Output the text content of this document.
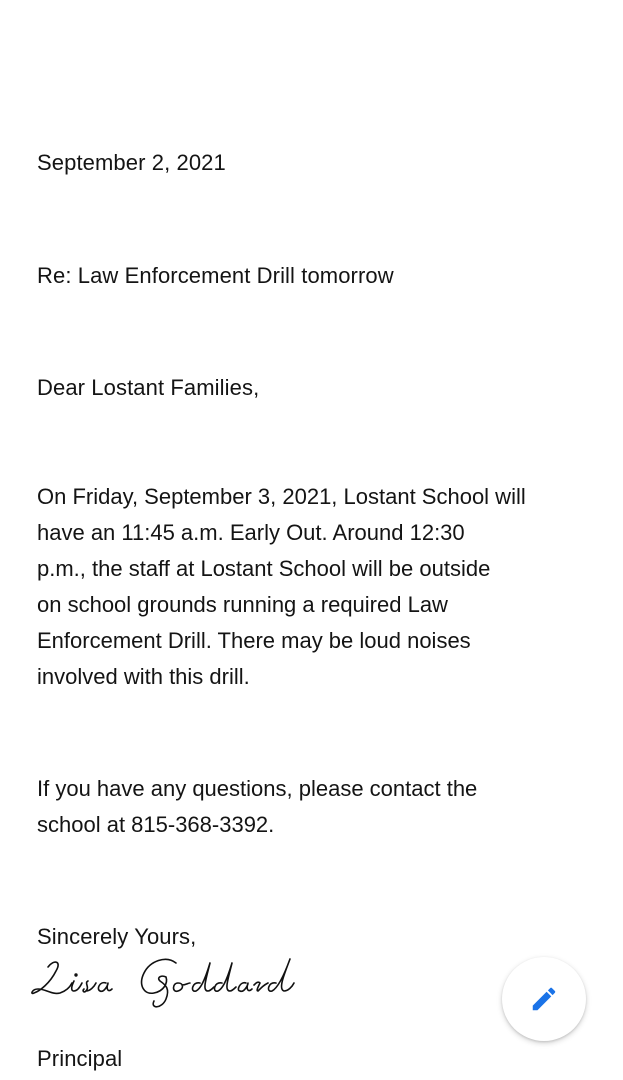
September 2, 2021
Re: Law Enforcement Drill tomorrow
Dear Lostant Families,
On Friday, September 3, 2021, Lostant School will
have an 11:45 a.m. Early Out. Around 12:30
p.m., the staff at Lostant School will be outside
on school grounds running a required Law
Enforcement Drill. There may be loud noises
involved with this drill.
If you have any questions, please contact the
school at 815-368-3392.
Sincerely Yours,
Principal
